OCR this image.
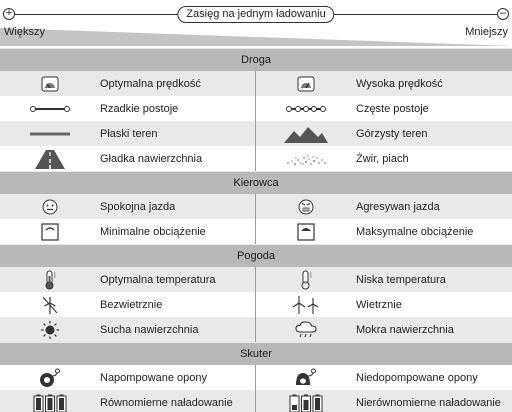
+	–
Zasięg na jednym ładowaniu
Większy	Mniejszy
Droga
Optymalna prędkość	Wysoka prędkość
Rzadkie postoje	Częste postoje
Płaski teren	Górzysty teren
Gładka nawierzchnia	Żwir, piach
Kierowca
Spokojna jazda	Agresywan jazda
Minimalne obciążenie	Maksymalne obciążenie
Pogoda
Optymalna temperatura	Niska temperatura
Bezwietrznie	Wietrznie
Sucha nawierzchnia	Mokra nawierzchnia
Skuter
Napompowane opony	Niedopompowane opony
Równomierne naładowanie	Nierównomierne naładowanie
